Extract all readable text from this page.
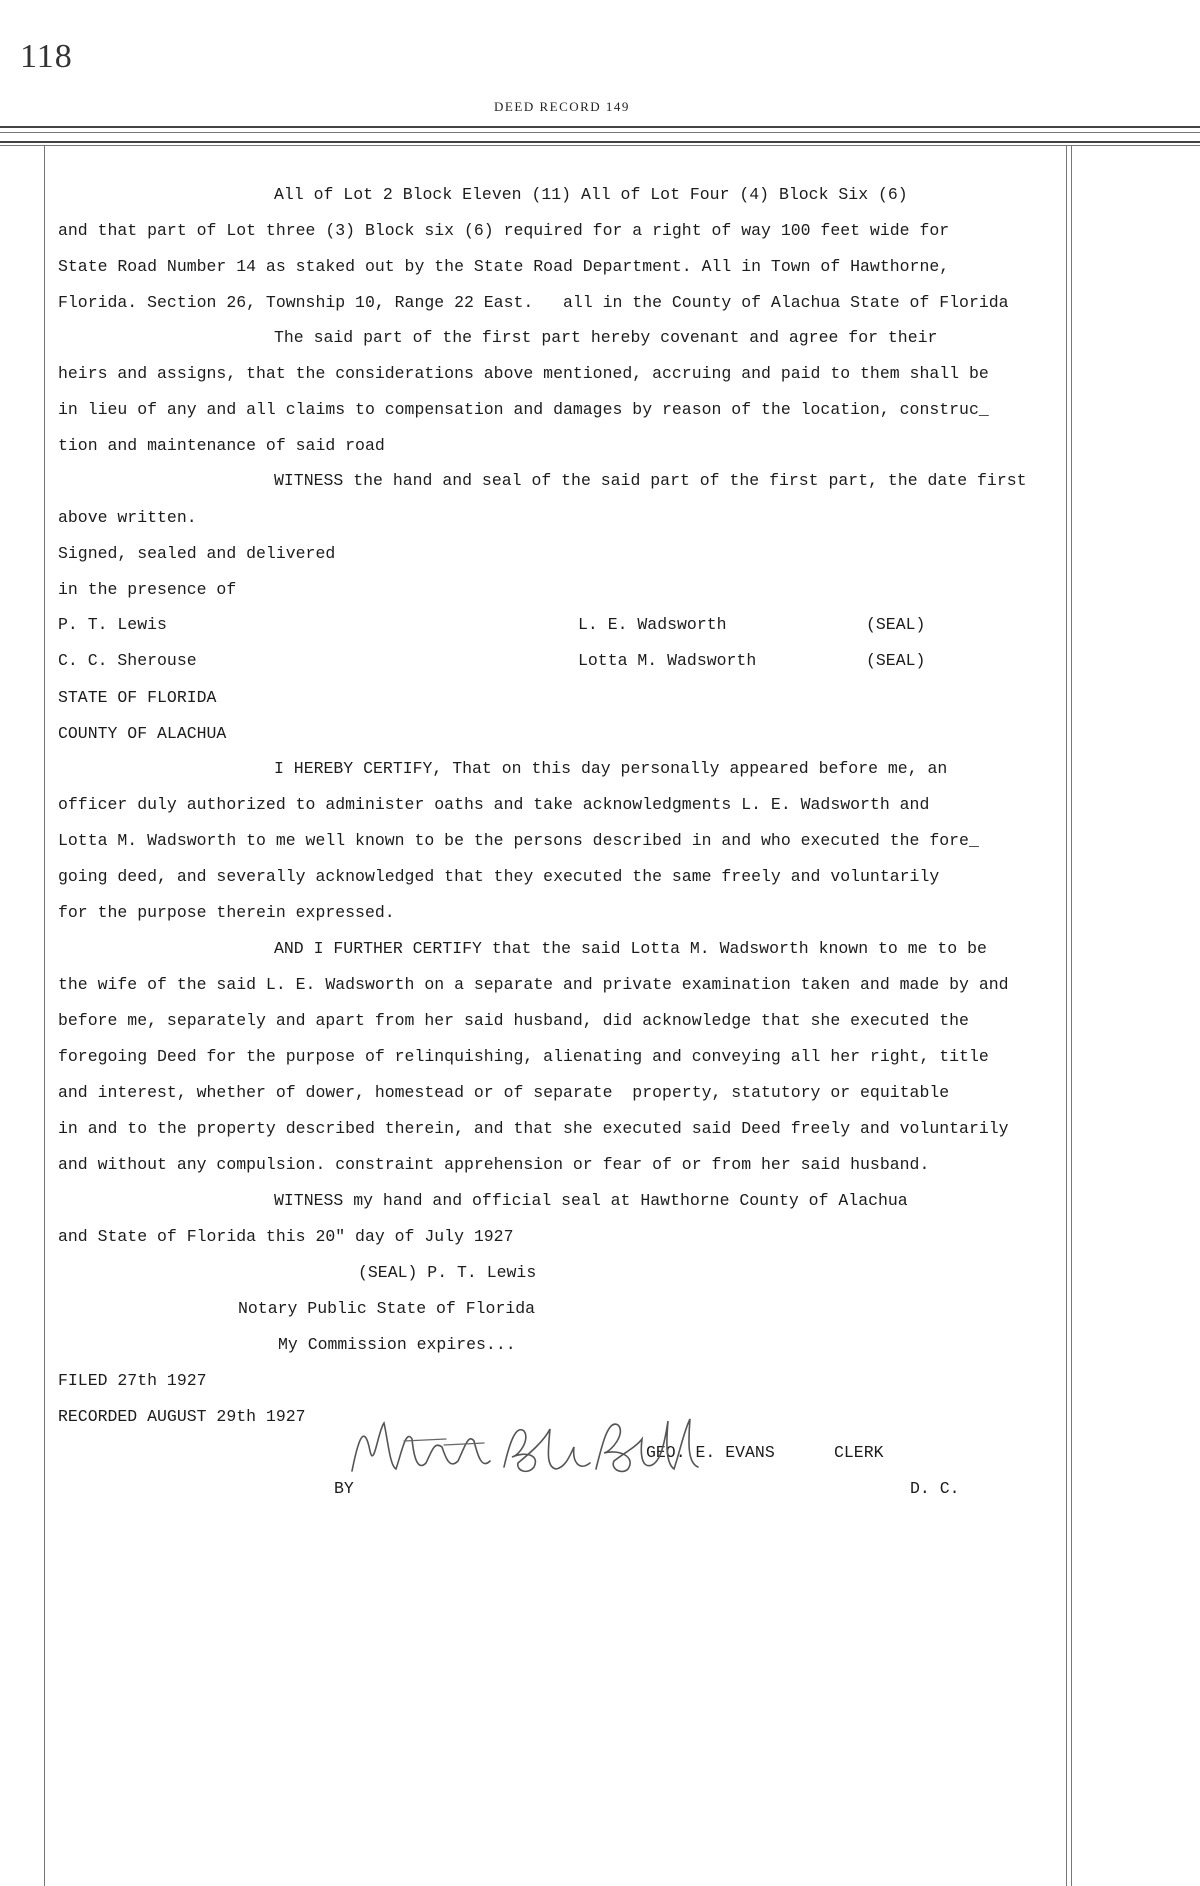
118
DEED RECORD 149
All of Lot 2 Block Eleven (11) All of Lot Four (4) Block Six (6)
and that part of Lot three (3) Block six (6) required for a right of way 100 feet wide for
State Road Number 14 as staked out by the State Road Department. All in Town of Hawthorne,
Florida. Section 26, Township 10, Range 22 East.   all in the County of Alachua State of Florida
The said part of the first part hereby covenant and agree for their
heirs and assigns, that the considerations above mentioned, accruing and paid to them shall be
in lieu of any and all claims to compensation and damages by reason of the location, construc_
tion and maintenance of said road
WITNESS the hand and seal of the said part of the first part, the date first
above written.
Signed, sealed and delivered
in the presence of
P. T. Lewis	L. E. Wadsworth	(SEAL)
C. C. Sherouse	Lotta M. Wadsworth	(SEAL)
STATE OF FLORIDA
COUNTY OF ALACHUA
I HEREBY CERTIFY, That on this day personally appeared before me, an
officer duly authorized to administer oaths and take acknowledgments L. E. Wadsworth and
Lotta M. Wadsworth to me well known to be the persons described in and who executed the fore_
going deed, and severally acknowledged that they executed the same freely and voluntarily
for the purpose therein expressed.
AND I FURTHER CERTIFY that the said Lotta M. Wadsworth known to me to be
the wife of the said L. E. Wadsworth on a separate and private examination taken and made by and
before me, separately and apart from her said husband, did acknowledge that she executed the
foregoing Deed for the purpose of relinquishing, alienating and conveying all her right, title
and interest, whether of dower, homestead or of separate  property, statutory or equitable
in and to the property described therein, and that she executed said Deed freely and voluntarily
and without any compulsion. constraint apprehension or fear of or from her said husband.
WITNESS my hand and official seal at Hawthorne County of Alachua
and State of Florida this 20" day of July 1927
(SEAL) P. T. Lewis
Notary Public State of Florida
My Commission expires...
FILED 27th 1927
RECORDED AUGUST 29th 1927
GEO. E. EVANS	CLERK
BY	D. C.
